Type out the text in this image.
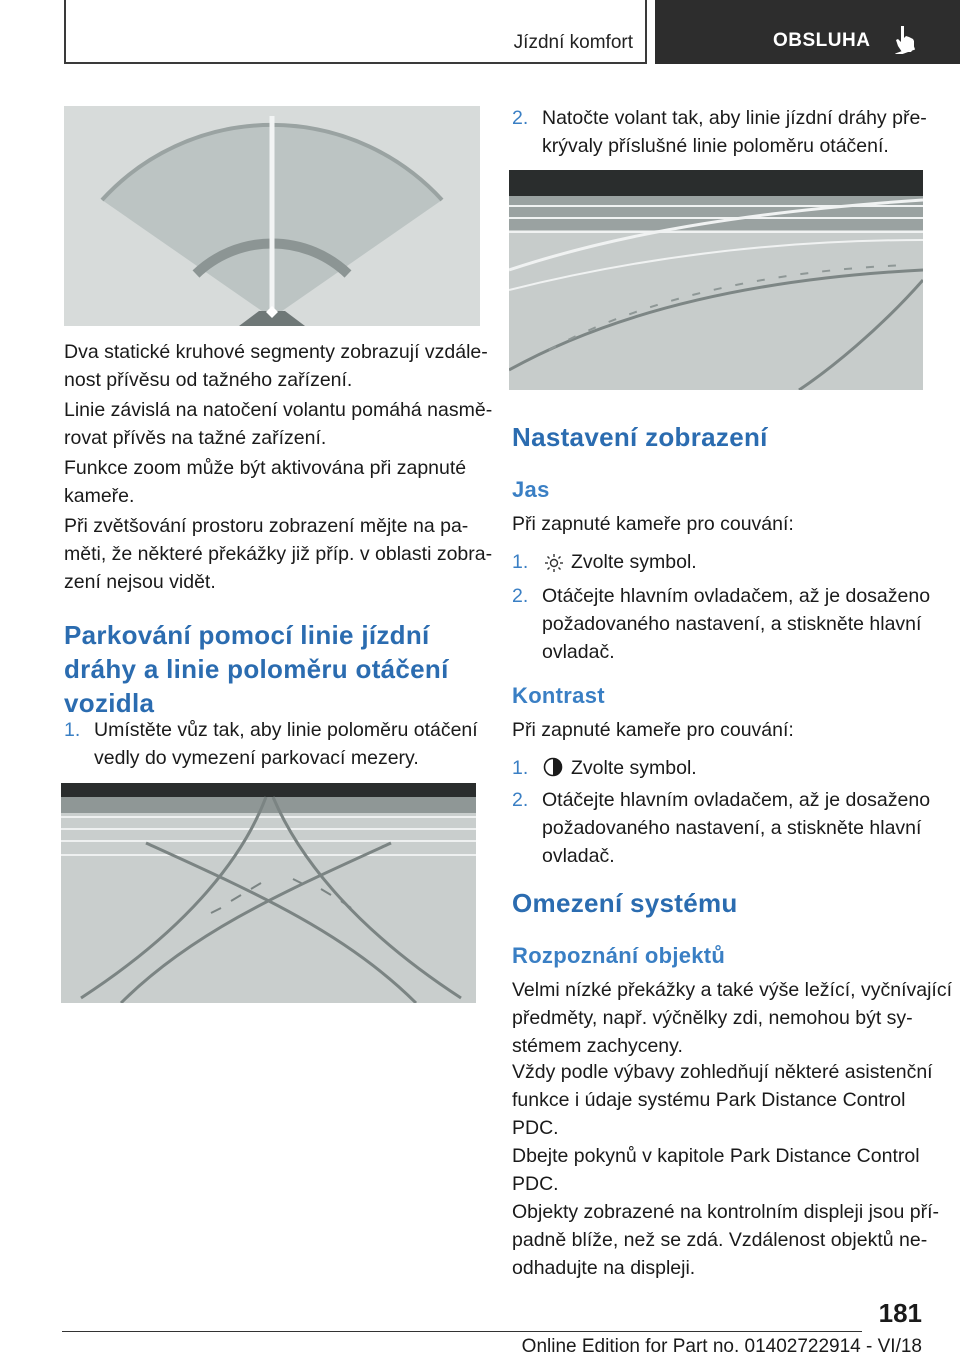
Jízdní komfort	OBSLUHA

Dva statické kruhové segmenty zobrazují vzdále-
nost přívěsu od tažného zařízení.

Linie závislá na natočení volantu pomáhá nasmě-
rovat přívěs na tažné zařízení.

Funkce zoom může být aktivována při zapnuté
kameře.

Při zvětšování prostoru zobrazení mějte na pa-
měti, že některé překážky již příp. v oblasti zobra-
zení nejsou vidět.

Parkování pomocí linie jízdní
dráhy a linie poloměru otáčení
vozidla
1. Umístěte vůz tak, aby linie poloměru otáčení
vedly do vymezení parkovací mezery.

2. Natočte volant tak, aby linie jízdní dráhy pře-
krývaly příslušné linie poloměru otáčení.

Nastavení zobrazení
Jas

Při zapnuté kameře pro couvání:

1. Zvolte symbol.

2. Otáčejte hlavním ovladačem, až je dosaženo
požadovaného nastavení, a stiskněte hlavní
ovladač.

Kontrast

Při zapnuté kameře pro couvání:

1. Zvolte symbol.

2. Otáčejte hlavním ovladačem, až je dosaženo
požadovaného nastavení, a stiskněte hlavní
ovladač.

Omezení systému
Rozpoznání objektů

Velmi nízké překážky a také výše ležící, vyčnívající
předměty, např. výčnělky zdi, nemohou být sy-
stémem zachyceny.

Vždy podle výbavy zohledňují některé asistenční
funkce i údaje systému Park Distance Control
PDC.

Dbejte pokynů v kapitole Park Distance Control
PDC.

Objekty zobrazené na kontrolním displeji jsou pří-
padně blíže, než se zdá. Vzdálenost objektů ne-
odhadujte na displeji.

181
Online Edition for Part no. 01402722914 - VI/18
